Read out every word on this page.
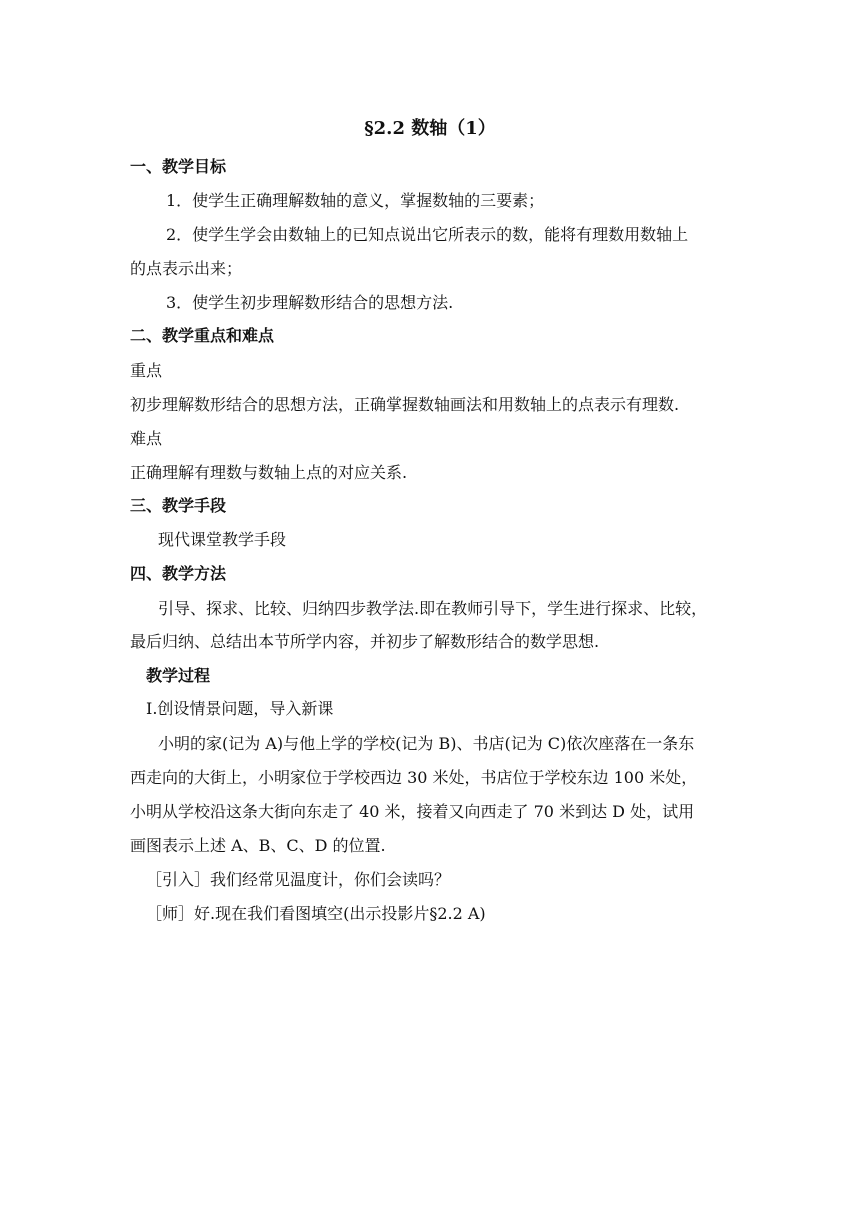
§2.2 数轴（1）
一、教学目标
1．使学生正确理解数轴的意义，掌握数轴的三要素；
2．使学生学会由数轴上的已知点说出它所表示的数，能将有理数用数轴上
的点表示出来；
3．使学生初步理解数形结合的思想方法.
二、教学重点和难点
重点
初步理解数形结合的思想方法，正确掌握数轴画法和用数轴上的点表示有理数.
难点
正确理解有理数与数轴上点的对应关系.
三、教学手段
现代课堂教学手段
四、教学方法
引导、探求、比较、归纳四步教学法.即在教师引导下，学生进行探求、比较，
最后归纳、总结出本节所学内容，并初步了解数形结合的数学思想.
教学过程
Ⅰ.创设情景问题，导入新课
小明的家(记为 A)与他上学的学校(记为 B)、书店(记为 C)依次座落在一条东
西走向的大街上，小明家位于学校西边 30 米处，书店位于学校东边 100 米处，
小明从学校沿这条大街向东走了 40 米，接着又向西走了 70 米到达 D 处，试用
画图表示上述 A、B、C、D 的位置.
［引入］我们经常见温度计，你们会读吗？
［师］好.现在我们看图填空(出示投影片§2.2 A)
